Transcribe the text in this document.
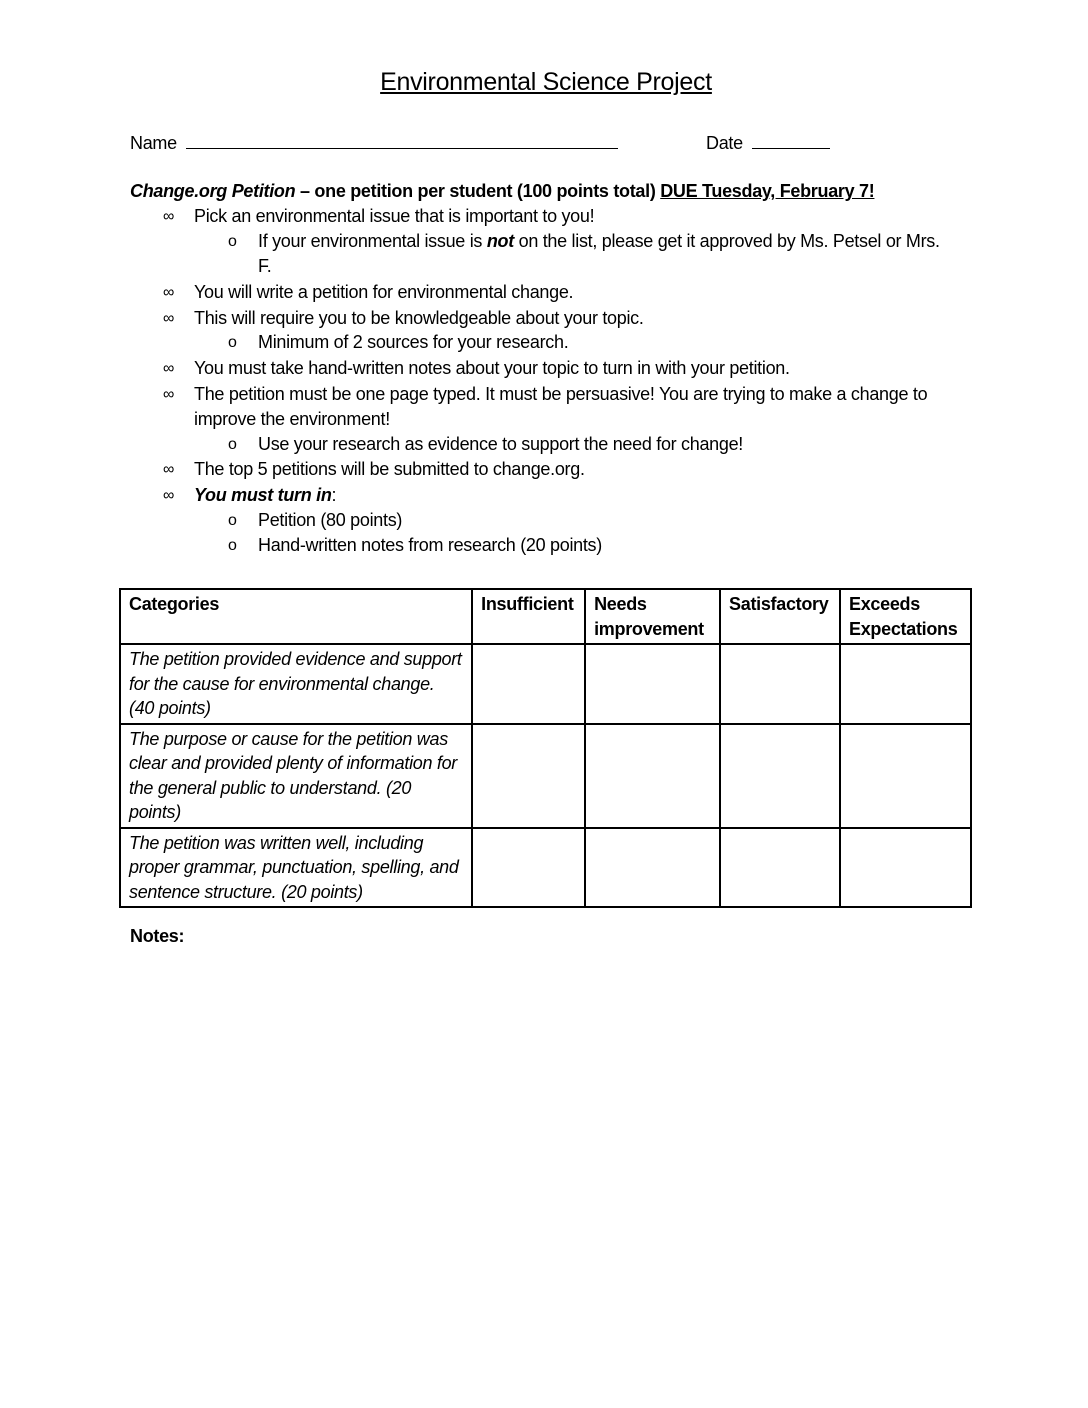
Environmental Science Project
Name	Date
Change.org Petition – one petition per student (100 points total) DUE Tuesday, February 7!
∞ Pick an environmental issue that is important to you!
o If your environmental issue is not on the list, please get it approved by Ms. Petsel or Mrs.
F.
∞ You will write a petition for environmental change.
∞ This will require you to be knowledgeable about your topic.
o Minimum of 2 sources for your research.
∞ You must take hand-written notes about your topic to turn in with your petition.
∞ The petition must be one page typed. It must be persuasive! You are trying to make a change to
improve the environment!
o Use your research as evidence to support the need for change!
∞ The top 5 petitions will be submitted to change.org.
∞ You must turn in:
o Petition (80 points)
o Hand-written notes from research (20 points)
Categories	Insufficient	Needs improvement	Satisfactory	Exceeds Expectations
The petition provided evidence and support for the cause for environmental change. (40 points)				
The purpose or cause for the petition was clear and provided plenty of information for the general public to understand. (20 points)				
The petition was written well, including proper grammar, punctuation, spelling, and sentence structure. (20 points)				
Notes:
